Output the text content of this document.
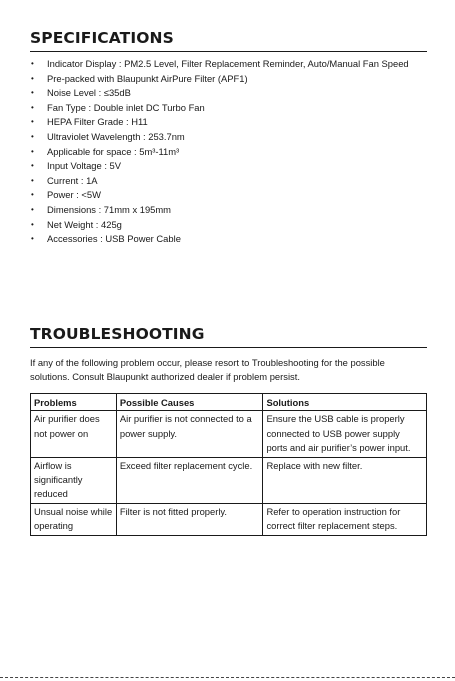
SPECIFICATIONS
• Indicator Display : PM2.5 Level, Filter Replacement Reminder, Auto/Manual Fan Speed
• Pre-packed with Blaupunkt AirPure Filter (APF1)
• Noise Level : ≤35dB
• Fan Type : Double inlet DC Turbo Fan
• HEPA Filter Grade : H11
• Ultraviolet Wavelength : 253.7nm
• Applicable for space : 5m³-11m³
• Input Voltage : 5V
• Current : 1A
• Power : <5W
• Dimensions : 71mm x 195mm
• Net Weight : 425g
• Accessories : USB Power Cable
TROUBLESHOOTING

If any of the following problem occur, please resort to Troubleshooting for the possible solutions. Consult Blaupunkt authorized dealer if problem persist.

Problems	Possible Causes	Solutions
Air purifier does not power on	Air purifier is not connected to a power supply.	Ensure the USB cable is properly connected to USB power supply ports and air purifier’s power input.
Airflow is significantly reduced	Exceed filter replacement cycle.	Replace with new filter.
Unsual noise while operating	Filter is not fitted properly.	Refer to operation instruction for correct filter replacement steps.
